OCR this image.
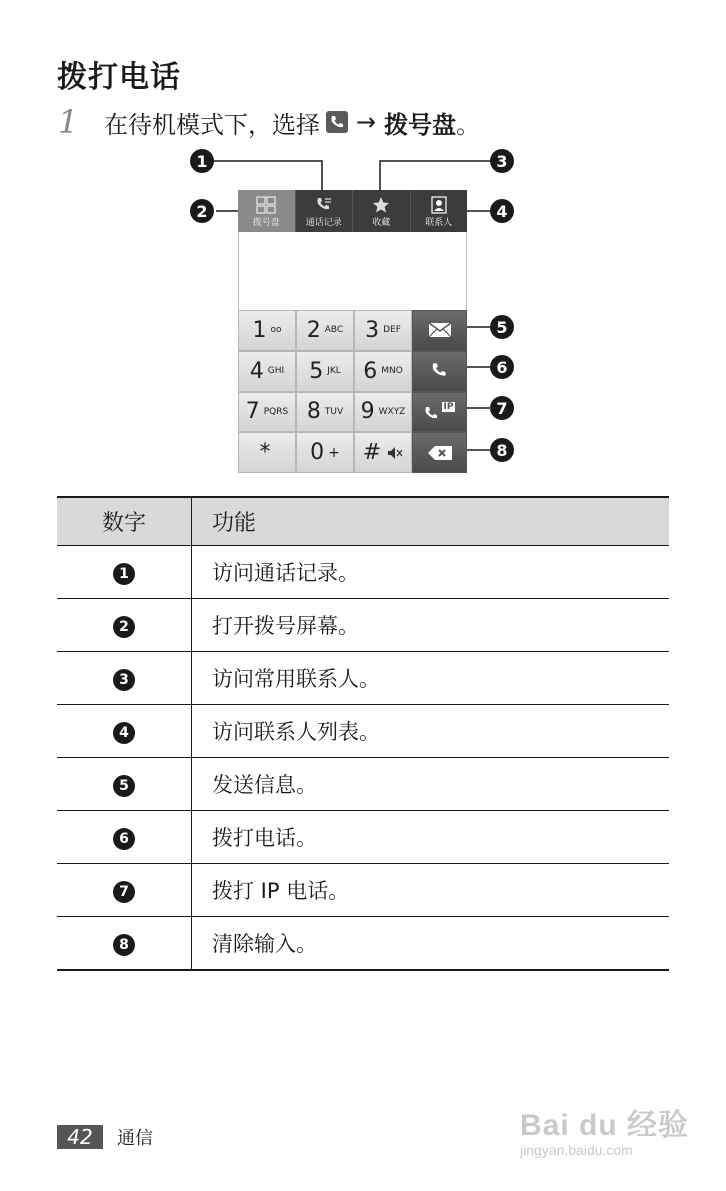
拨打电话
1	在待机模式下，选择 → 拨号盘 。
1
2
3
4
5
6
7
8
拨号盘	通话记录	收藏	联系人
1 ᴏᴏ 2 ABC 3 DEF
4 GHI 5 JKL 6 MNO
7 PQRS 8 TUV 9 WXYZ	IP
* 0 + #
数字	功能
1	访问通话记录。
2	打开拨号屏幕。
3	访问常用联系人。
4	访问联系人列表。
5	发送信息。
6	拨打电话。
7	拨打 IP 电话。
8	清除输入。
42	通信	Bai du 经验
jingyan.baidu.com
